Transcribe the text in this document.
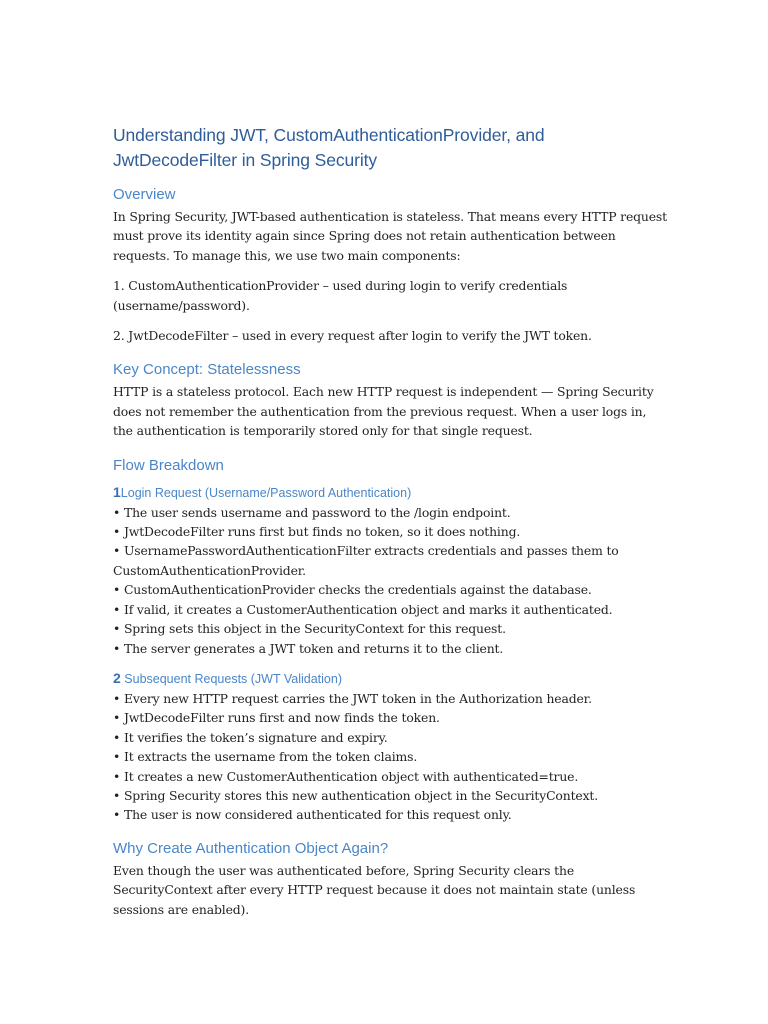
Understanding JWT, CustomAuthenticationProvider, and JwtDecodeFilter in Spring Security
Overview

In Spring Security, JWT-based authentication is stateless. That means every HTTP request must prove its identity again since Spring does not retain authentication between requests. To manage this, we use two main components:

1. CustomAuthenticationProvider – used during login to verify credentials (username/password).

2. JwtDecodeFilter – used in every request after login to verify the JWT token.

Key Concept: Statelessness

HTTP is a stateless protocol. Each new HTTP request is independent — Spring Security does not remember the authentication from the previous request. When a user logs in, the authentication is temporarily stored only for that single request.

Flow Breakdown
1Login Request (Username/Password Authentication)
• The user sends username and password to the /login endpoint.
• JwtDecodeFilter runs first but finds no token, so it does nothing.
• UsernamePasswordAuthenticationFilter extracts credentials and passes them to CustomAuthenticationProvider.
• CustomAuthenticationProvider checks the credentials against the database.
• If valid, it creates a CustomerAuthentication object and marks it authenticated.
• Spring sets this object in the SecurityContext for this request.
• The server generates a JWT token and returns it to the client.
2 Subsequent Requests (JWT Validation)
• Every new HTTP request carries the JWT token in the Authorization header.
• JwtDecodeFilter runs first and now finds the token.
• It verifies the token’s signature and expiry.
• It extracts the username from the token claims.
• It creates a new CustomerAuthentication object with authenticated=true.
• Spring Security stores this new authentication object in the SecurityContext.
• The user is now considered authenticated for this request only.
Why Create Authentication Object Again?

Even though the user was authenticated before, Spring Security clears the SecurityContext after every HTTP request because it does not maintain state (unless sessions are enabled).
